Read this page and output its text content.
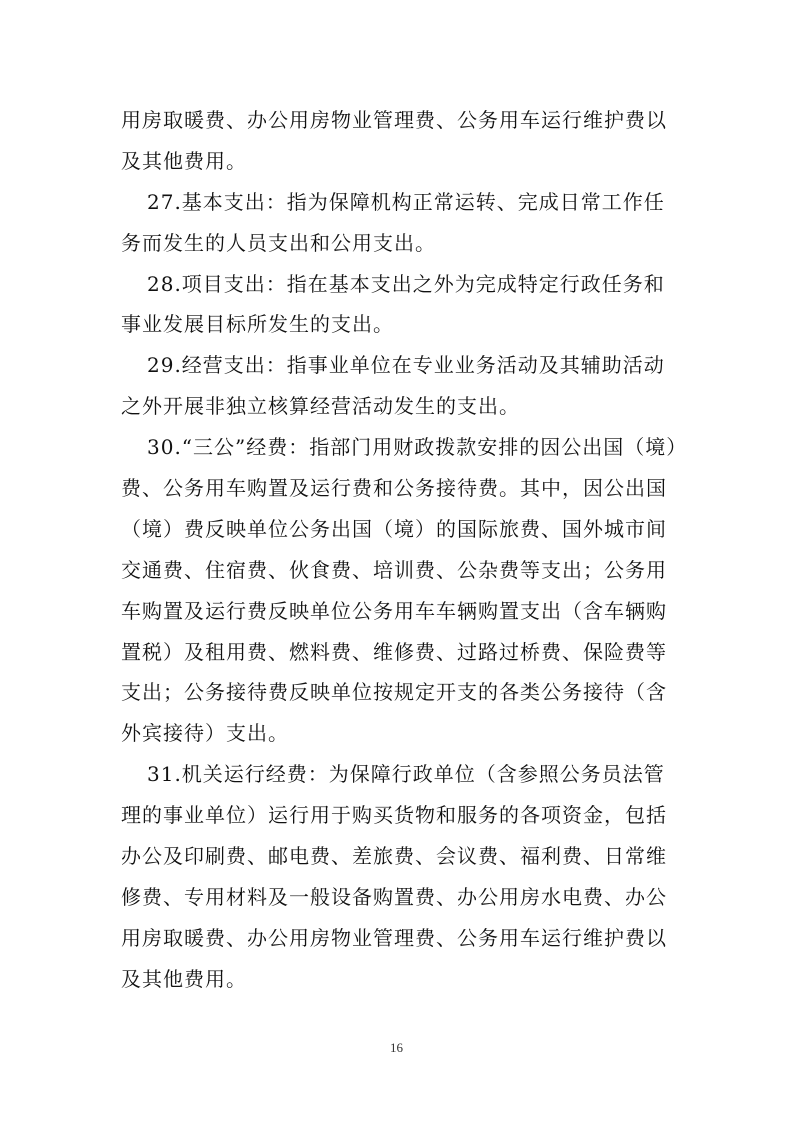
用房取暖费、办公用房物业管理费、公务用车运行维护费以
及其他费用。
27.基本支出：指为保障机构正常运转、完成日常工作任
务而发生的人员支出和公用支出。
28.项目支出：指在基本支出之外为完成特定行政任务和
事业发展目标所发生的支出。
29.经营支出：指事业单位在专业业务活动及其辅助活动
之外开展非独立核算经营活动发生的支出。
30.“三公”经费：指部门用财政拨款安排的因公出国（境）
费、公务用车购置及运行费和公务接待费。其中，因公出国
（境）费反映单位公务出国（境）的国际旅费、国外城市间
交通费、住宿费、伙食费、培训费、公杂费等支出；公务用
车购置及运行费反映单位公务用车车辆购置支出（含车辆购
置税）及租用费、燃料费、维修费、过路过桥费、保险费等
支出；公务接待费反映单位按规定开支的各类公务接待（含
外宾接待）支出。
31.机关运行经费：为保障行政单位（含参照公务员法管
理的事业单位）运行用于购买货物和服务的各项资金，包括
办公及印刷费、邮电费、差旅费、会议费、福利费、日常维
修费、专用材料及一般设备购置费、办公用房水电费、办公
用房取暖费、办公用房物业管理费、公务用车运行维护费以
及其他费用。
16
